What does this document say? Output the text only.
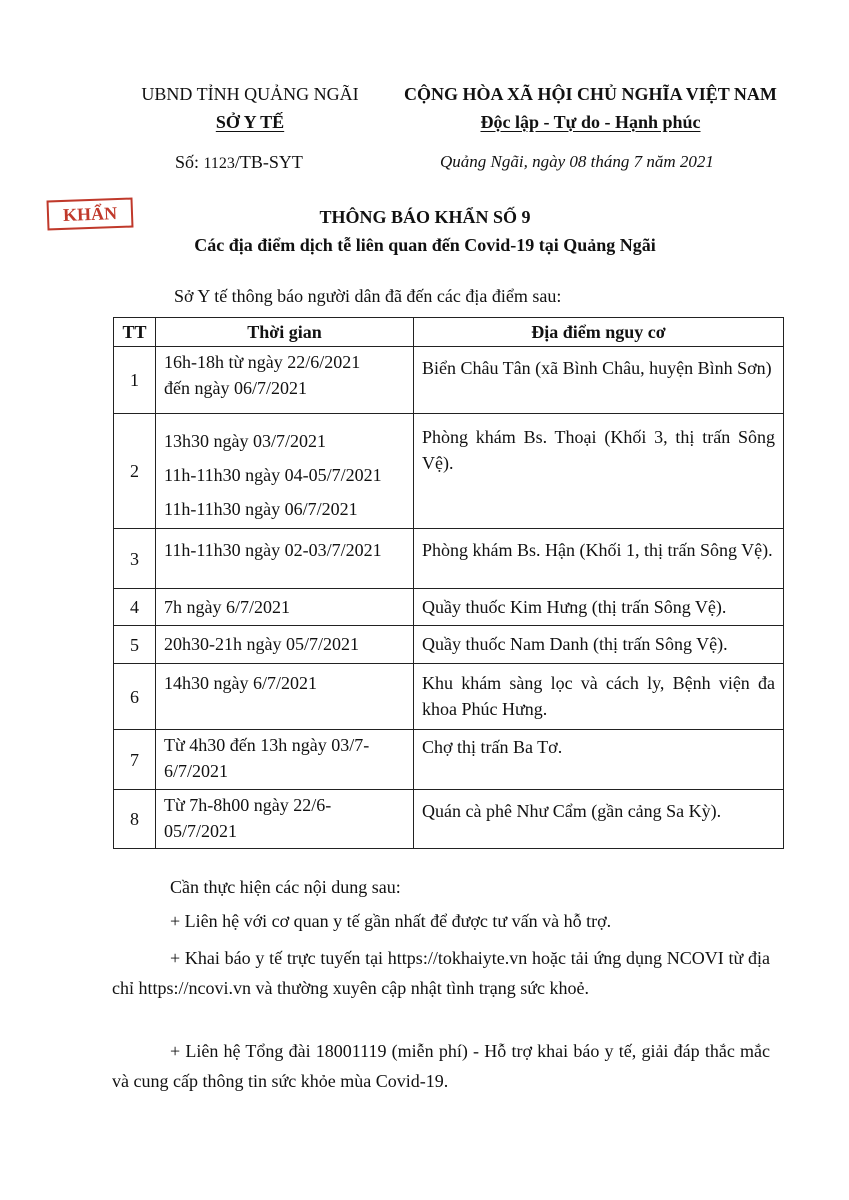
UBND TỈNH QUẢNG NGÃI
SỞ Y TẾ
CỘNG HÒA XÃ HỘI CHỦ NGHĨA VIỆT NAM
Độc lập - Tự do - Hạnh phúc
Số: 1123/TB-SYT	Quảng Ngãi, ngày 08 tháng 7 năm 2021
KHẨN	THÔNG BÁO KHẨN SỐ 9
Các địa điểm dịch tễ liên quan đến Covid-19 tại Quảng Ngãi
Sở Y tế thông báo người dân đã đến các địa điểm sau:
TT	Thời gian	Địa điểm nguy cơ
1	16h-18h từ ngày 22/6/2021
đến ngày 06/7/2021	Biển Châu Tân (xã Bình Châu, huyện Bình Sơn)
2	13h30 ngày 03/7/2021
11h-11h30 ngày 04-05/7/2021
11h-11h30 ngày 06/7/2021	Phòng khám Bs. Thoại (Khối 3, thị trấn Sông Vệ).
3	11h-11h30 ngày 02-03/7/2021	Phòng khám Bs. Hận (Khối 1, thị trấn Sông Vệ).
4	7h ngày 6/7/2021	Quầy thuốc Kim Hưng (thị trấn Sông Vệ).
5	20h30-21h ngày 05/7/2021	Quầy thuốc Nam Danh (thị trấn Sông Vệ).
6	14h30 ngày 6/7/2021	Khu khám sàng lọc và cách ly, Bệnh viện đa khoa Phúc Hưng.
7	Từ 4h30 đến 13h ngày 03/7-
6/7/2021	Chợ thị trấn Ba Tơ.
8	Từ 7h-8h00 ngày 22/6-
05/7/2021	Quán cà phê Như Cẩm (gần cảng Sa Kỳ).
Cần thực hiện các nội dung sau:
+ Liên hệ với cơ quan y tế gần nhất để được tư vấn và hỗ trợ.
+ Khai báo y tế trực tuyến tại https://tokhaiyte.vn hoặc tải ứng dụng NCOVI từ địa chỉ https://ncovi.vn và thường xuyên cập nhật tình trạng sức khoẻ.
+ Liên hệ Tổng đài 18001119 (miễn phí) - Hỗ trợ khai báo y tế, giải đáp thắc mắc và cung cấp thông tin sức khỏe mùa Covid-19.
